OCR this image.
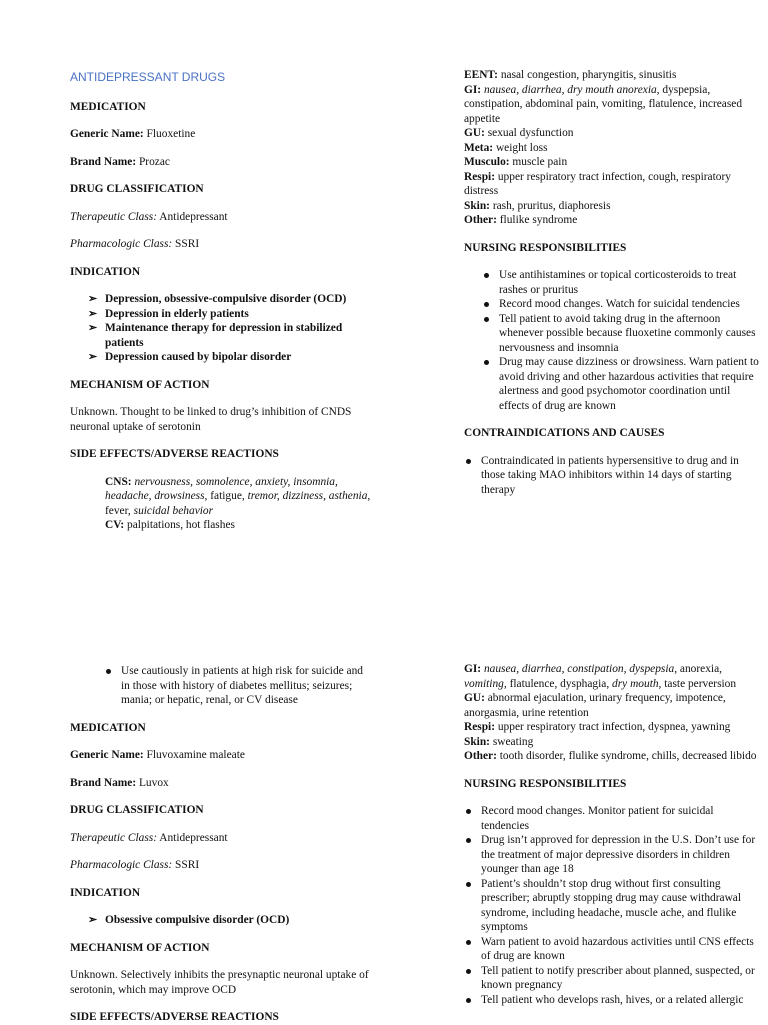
ANTIDEPRESSANT DRUGS

MEDICATION

Generic Name: Fluoxetine

Brand Name: Prozac

DRUG CLASSIFICATION

Therapeutic Class: Antidepressant

Pharmacologic Class: SSRI

INDICATION

➢ Depression, obsessive-compulsive disorder (OCD)
➢ Depression in elderly patients
➢ Maintenance therapy for depression in stabilized patients
➢ Depression caused by bipolar disorder

MECHANISM OF ACTION

Unknown. Thought to be linked to drug’s inhibition of CNDS neuronal uptake of serotonin

SIDE EFFECTS/ADVERSE REACTIONS

CNS: nervousness, somnolence, anxiety, insomnia, headache, drowsiness, fatigue, tremor, dizziness, asthenia, fever, suicidal behavior

CV: palpitations, hot flashes

EENT: nasal congestion, pharyngitis, sinusitis

GI: nausea, diarrhea, dry mouth anorexia, dyspepsia, constipation, abdominal pain, vomiting, flatulence, increased appetite

GU: sexual dysfunction

Meta: weight loss

Musculo: muscle pain

Respi: upper respiratory tract infection, cough, respiratory distress

Skin: rash, pruritus, diaphoresis

Other: flulike syndrome

NURSING RESPONSIBILITIES

Use antihistamines or topical corticosteroids to treat rashes or pruritus
Record mood changes. Watch for suicidal tendencies
Tell patient to avoid taking drug in the afternoon whenever possible because fluoxetine commonly causes nervousness and insomnia
Drug may cause dizziness or drowsiness. Warn patient to avoid driving and other hazardous activities that require alertness and good psychomotor coordination until effects of drug are known

CONTRAINDICATIONS AND CAUSES

Contraindicated in patients hypersensitive to drug and in those taking MAO inhibitors within 14 days of starting therapy
Use cautiously in patients at high risk for suicide and in those with history of diabetes mellitus; seizures; mania; or hepatic, renal, or CV disease

MEDICATION

Generic Name: Fluvoxamine maleate

Brand Name: Luvox

DRUG CLASSIFICATION

Therapeutic Class: Antidepressant

Pharmacologic Class: SSRI

INDICATION

➢ Obsessive compulsive disorder (OCD)

MECHANISM OF ACTION

Unknown. Selectively inhibits the presynaptic neuronal uptake of serotonin, which may improve OCD

SIDE EFFECTS/ADVERSE REACTIONS

GI: nausea, diarrhea, constipation, dyspepsia, anorexia, vomiting, flatulence, dysphagia, dry mouth, taste perversion

GU: abnormal ejaculation, urinary frequency, impotence, anorgasmia, urine retention

Respi: upper respiratory tract infection, dyspnea, yawning

Skin: sweating

Other: tooth disorder, flulike syndrome, chills, decreased libido

NURSING RESPONSIBILITIES

Record mood changes. Monitor patient for suicidal tendencies
Drug isn’t approved for depression in the U.S. Don’t use for the treatment of major depressive disorders in children younger than age 18
Patient’s shouldn’t stop drug without first consulting prescriber; abruptly stopping drug may cause withdrawal syndrome, including headache, muscle ache, and flulike symptoms
Warn patient to avoid hazardous activities until CNS effects of drug are known
Tell patient to notify prescriber about planned, suspected, or known pregnancy
Tell patient who develops rash, hives, or a related allergic
